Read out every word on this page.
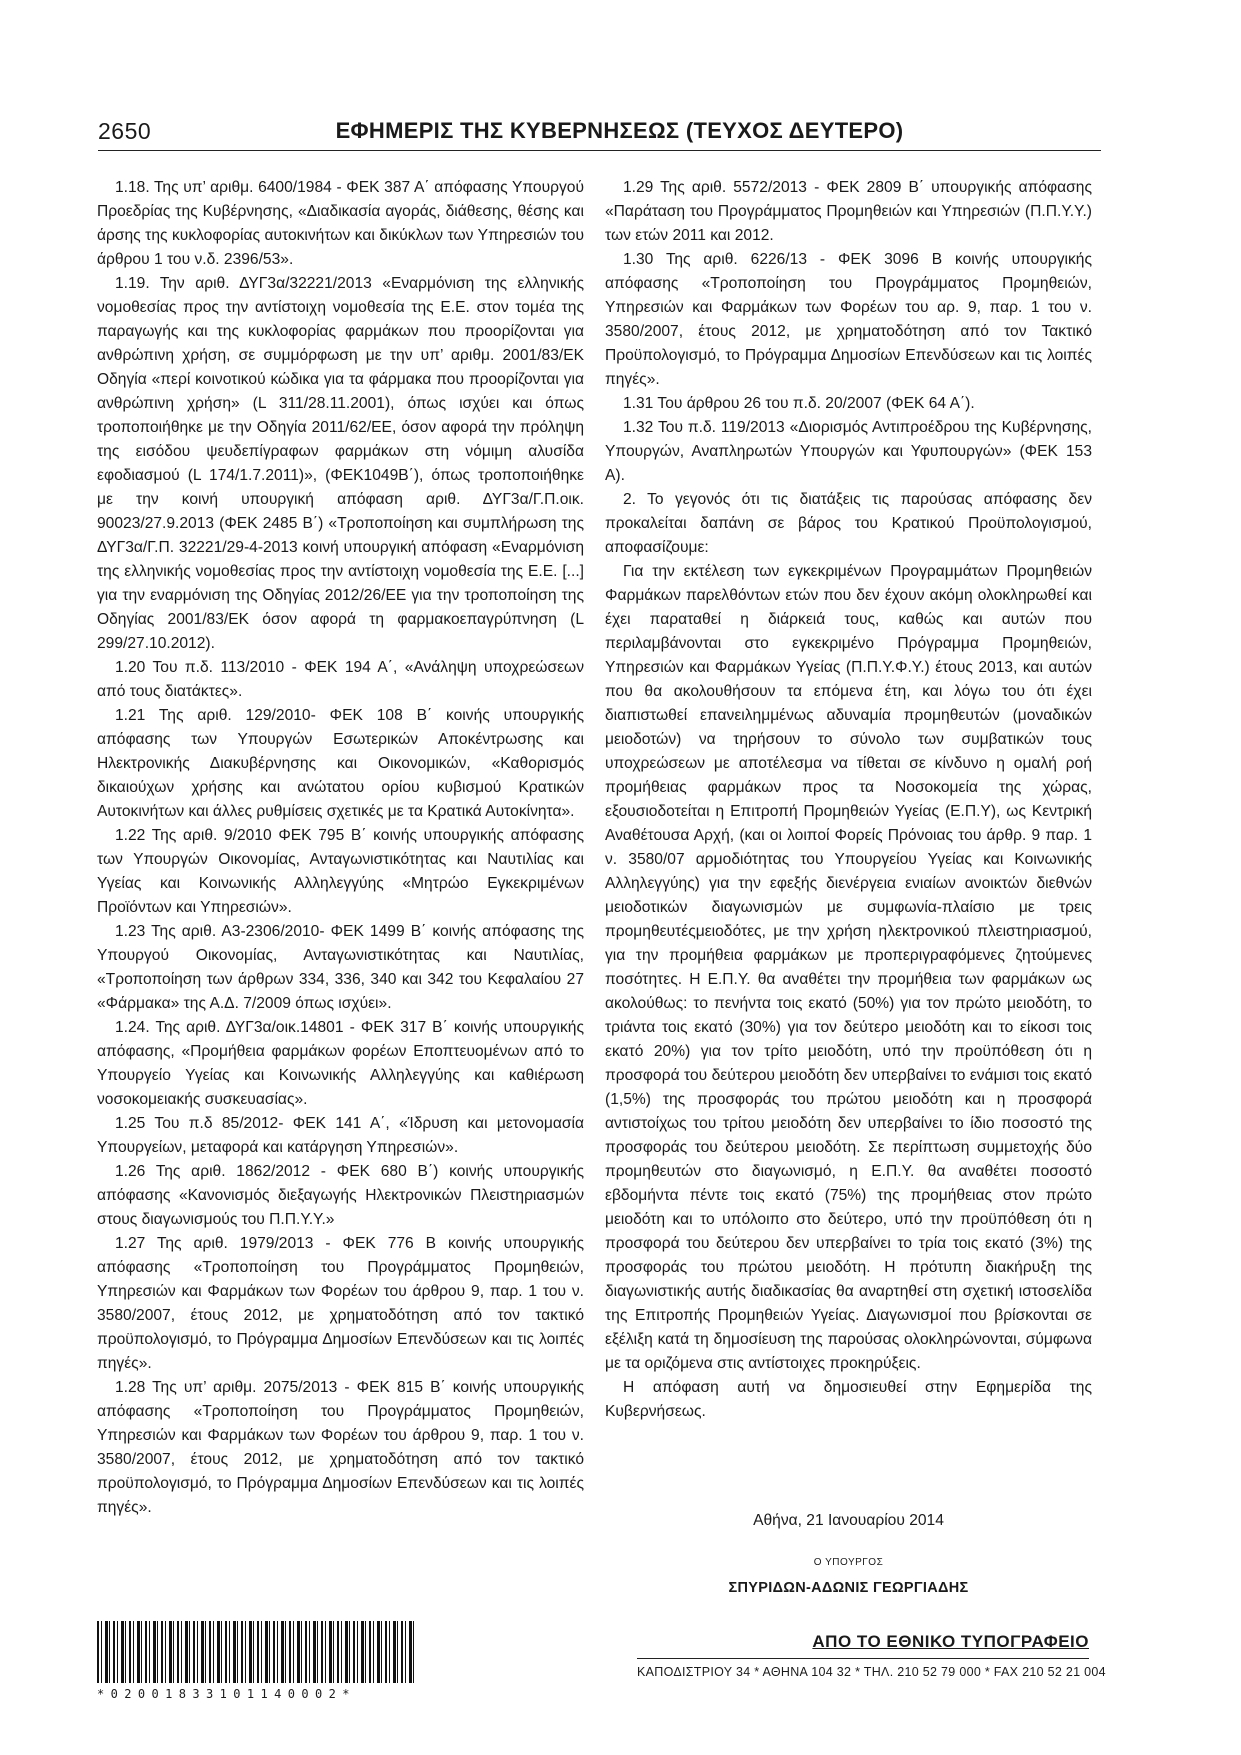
2650	ΕΦΗΜΕΡΙΣ ΤΗΣ ΚΥΒΕΡΝΗΣΕΩΣ (ΤΕΥΧΟΣ ΔΕΥΤΕΡΟ)

1.18. Της υπ’ αριθμ. 6400/1984 - ΦΕΚ 387 Α΄ απόφασης Υπουργού Προεδρίας της Κυβέρνησης, «Διαδικασία αγοράς, διάθεσης, θέσης και άρσης της κυκλοφορίας αυτοκινήτων και δικύκλων των Υπηρεσιών του άρθρου 1 του ν.δ. 2396/53».

1.19. Την αριθ. ΔΥΓ3α/32221/2013 «Εναρμόνιση της ελληνικής νομοθεσίας προς την αντίστοιχη νομοθεσία της Ε.Ε. στον τομέα της παραγωγής και της κυκλοφορίας φαρμάκων που προορίζονται για ανθρώπινη χρήση, σε συμμόρφωση με την υπ’ αριθμ. 2001/83/ΕΚ Οδηγία «περί κοινοτικού κώδικα για τα φάρμακα που προορίζονται για ανθρώπινη χρήση» (L 311/28.11.2001), όπως ισχύει και όπως τροποποιήθηκε με την Οδηγία 2011/62/ΕΕ, όσον αφορά την πρόληψη της εισόδου ψευδεπίγραφων φαρμάκων στη νόμιμη αλυσίδα εφοδιασμού (L 174/1.7.2011)», (ΦΕΚ1049Β΄), όπως τροποποιήθηκε με την κοινή υπουργική απόφαση αριθ. ΔΥΓ3α/Γ.Π.οικ. 90023/27.9.2013 (ΦΕΚ 2485 Β΄) «Τροποποίηση και συμπλήρωση της ΔΥΓ3α/Γ.Π. 32221/29-4-2013 κοινή υπουργική απόφαση «Εναρμόνιση της ελληνικής νομοθεσίας προς την αντίστοιχη νομοθεσία της Ε.Ε. [...] για την εναρμόνιση της Οδηγίας 2012/26/ΕΕ για την τροποποίηση της Οδηγίας 2001/83/ΕΚ όσον αφορά τη φαρμακοεπαγρύπνηση (L 299/27.10.2012).

1.20 Του π.δ. 113/2010 - ΦΕΚ 194 Α΄, «Ανάληψη υποχρεώσεων από τους διατάκτες».

1.21 Της αριθ. 129/2010- ΦΕΚ 108 Β΄ κοινής υπουργικής απόφασης των Υπουργών Εσωτερικών Αποκέντρωσης και Ηλεκτρονικής Διακυβέρνησης και Οικονομικών, «Καθορισμός δικαιούχων χρήσης και ανώτατου ορίου κυβισμού Κρατικών Αυτοκινήτων και άλλες ρυθμίσεις σχετικές με τα Κρατικά Αυτοκίνητα».

1.22 Της αριθ. 9/2010 ΦΕΚ 795 Β΄ κοινής υπουργικής απόφασης των Υπουργών Οικονομίας, Ανταγωνιστικότητας και Ναυτιλίας και Υγείας και Κοινωνικής Αλληλεγγύης «Μητρώο Εγκεκριμένων Προϊόντων και Υπηρεσιών».

1.23 Της αριθ. Α3-2306/2010- ΦΕΚ 1499 Β΄ κοινής απόφασης της Υπουργού Οικονομίας, Ανταγωνιστικότητας και Ναυτιλίας, «Τροποποίηση των άρθρων 334, 336, 340 και 342 του Κεφαλαίου 27 «Φάρμακα» της Α.Δ. 7/2009 όπως ισχύει».

1.24. Της αριθ. ΔΥΓ3α/οικ.14801 - ΦΕΚ 317 Β΄ κοινής υπουργικής απόφασης, «Προμήθεια φαρμάκων φορέων Εποπτευομένων από το Υπουργείο Υγείας και Κοινωνικής Αλληλεγγύης και καθιέρωση νοσοκομειακής συσκευασίας».

1.25 Του π.δ 85/2012- ΦΕΚ 141 Α΄, «Ίδρυση και μετονομασία Υπουργείων, μεταφορά και κατάργηση Υπηρεσιών».

1.26 Της αριθ. 1862/2012 - ΦΕΚ 680 Β΄) κοινής υπουργικής απόφασης «Κανονισμός διεξαγωγής Ηλεκτρονικών Πλειστηριασμών στους διαγωνισμούς του Π.Π.Υ.Υ.»

1.27 Της αριθ. 1979/2013 - ΦΕΚ 776 Β κοινής υπουργικής απόφασης «Τροποποίηση του Προγράμματος Προμηθειών, Υπηρεσιών και Φαρμάκων των Φορέων του άρθρου 9, παρ. 1 του ν. 3580/2007, έτους 2012, με χρηματοδότηση από τον τακτικό προϋπολογισμό, το Πρόγραμμα Δημοσίων Επενδύσεων και τις λοιπές πηγές».

1.28 Της υπ’ αριθμ. 2075/2013 - ΦΕΚ 815 Β΄ κοινής υπουργικής απόφασης «Τροποποίηση του Προγράμματος Προμηθειών, Υπηρεσιών και Φαρμάκων των Φορέων του άρθρου 9, παρ. 1 του ν. 3580/2007, έτους 2012, με χρηματοδότηση από τον τακτικό προϋπολογισμό, το Πρόγραμμα Δημοσίων Επενδύσεων και τις λοιπές πηγές».

1.29 Της αριθ. 5572/2013 - ΦΕΚ 2809 Β΄ υπουργικής απόφασης «Παράταση του Προγράμματος Προμηθειών και Υπηρεσιών (Π.Π.Υ.Υ.) των ετών 2011 και 2012.

1.30 Της αριθ. 6226/13 - ΦΕΚ 3096 Β κοινής υπουργικής απόφασης «Τροποποίηση του Προγράμματος Προμηθειών, Υπηρεσιών και Φαρμάκων των Φορέων του αρ. 9, παρ. 1 του ν. 3580/2007, έτους 2012, με χρηματοδότηση από τον Τακτικό Προϋπολογισμό, το Πρόγραμμα Δημοσίων Επενδύσεων και τις λοιπές πηγές».

1.31 Του άρθρου 26 του π.δ. 20/2007 (ΦΕΚ 64 Α΄).

1.32 Του π.δ. 119/2013 «Διορισμός Αντιπροέδρου της Κυβέρνησης, Υπουργών, Αναπληρωτών Υπουργών και Υφυπουργών» (ΦΕΚ 153 Α).

2. Το γεγονός ότι τις διατάξεις τις παρούσας απόφασης δεν προκαλείται δαπάνη σε βάρος του Κρατικού Προϋπολογισμού, αποφασίζουμε:

Για την εκτέλεση των εγκεκριμένων Προγραμμάτων Προμηθειών Φαρμάκων παρελθόντων ετών που δεν έχουν ακόμη ολοκληρωθεί και έχει παραταθεί η διάρκειά τους, καθώς και αυτών που περιλαμβάνονται στο εγκεκριμένο Πρόγραμμα Προμηθειών, Υπηρεσιών και Φαρμάκων Υγείας (Π.Π.Υ.Φ.Υ.) έτους 2013, και αυτών που θα ακολουθήσουν τα επόμενα έτη, και λόγω του ότι έχει διαπιστωθεί επανειλημμένως αδυναμία προμηθευτών (μοναδικών μειοδοτών) να τηρήσουν το σύνολο των συμβατικών τους υποχρεώσεων με αποτέλεσμα να τίθεται σε κίνδυνο η ομαλή ροή προμήθειας φαρμάκων προς τα Νοσοκομεία της χώρας, εξουσιοδοτείται η Επιτροπή Προμηθειών Υγείας (Ε.Π.Υ), ως Κεντρική Αναθέτουσα Αρχή, (και οι λοιποί Φορείς Πρόνοιας του άρθρ. 9 παρ. 1 ν. 3580/07 αρμοδιότητας του Υπουργείου Υγείας και Κοινωνικής Αλληλεγγύης) για την εφεξής διενέργεια ενιαίων ανοικτών διεθνών μειοδοτικών διαγωνισμών με συμφωνία-πλαίσιο με τρεις προμηθευτέςμειοδότες, με την χρήση ηλεκτρονικού πλειστηριασμού, για την προμήθεια φαρμάκων με προπεριγραφόμενες ζητούμενες ποσότητες. Η Ε.Π.Υ. θα αναθέτει την προμήθεια των φαρμάκων ως ακολούθως: το πενήντα τοις εκατό (50%) για τον πρώτο μειοδότη, το τριάντα τοις εκατό (30%) για τον δεύτερο μειοδότη και το είκοσι τοις εκατό 20%) για τον τρίτο μειοδότη, υπό την προϋπόθεση ότι η προσφορά του δεύτερου μειοδότη δεν υπερβαίνει το ενάμισι τοις εκατό (1,5%) της προσφοράς του πρώτου μειοδότη και η προσφορά αντιστοίχως του τρίτου μειοδότη δεν υπερβαίνει το ίδιο ποσοστό της προσφοράς του δεύτερου μειοδότη. Σε περίπτωση συμμετοχής δύο προμηθευτών στο διαγωνισμό, η Ε.Π.Υ. θα αναθέτει ποσοστό εβδομήντα πέντε τοις εκατό (75%) της προμήθειας στον πρώτο μειοδότη και το υπόλοιπο στο δεύτερο, υπό την προϋπόθεση ότι η προσφορά του δεύτερου δεν υπερβαίνει το τρία τοις εκατό (3%) της προσφοράς του πρώτου μειοδότη. Η πρότυπη διακήρυξη της διαγωνιστικής αυτής διαδικασίας θα αναρτηθεί στη σχετική ιστοσελίδα της Επιτροπής Προμηθειών Υγείας. Διαγωνισμοί που βρίσκονται σε εξέλιξη κατά τη δημοσίευση της παρούσας ολοκληρώνονται, σύμφωνα με τα οριζόμενα στις αντίστοιχες προκηρύξεις.

Η απόφαση αυτή να δημοσιευθεί στην Εφημερίδα της Κυβερνήσεως.

Αθήνα, 21 Ιανουαρίου 2014
Ο ΥΠΟΥΡΓΟΣ
ΣΠΥΡΙΔΩΝ-ΑΔΩΝΙΣ ΓΕΩΡΓΙΑΔΗΣ
*02001833101140002*
ΑΠΟ ΤΟ ΕΘΝΙΚΟ ΤΥΠΟΓΡΑΦΕΙΟ
ΚΑΠΟΔΙΣΤΡΙΟΥ 34 * ΑΘΗΝΑ 104 32 * ΤΗΛ. 210 52 79 000 * FAX 210 52 21 004
